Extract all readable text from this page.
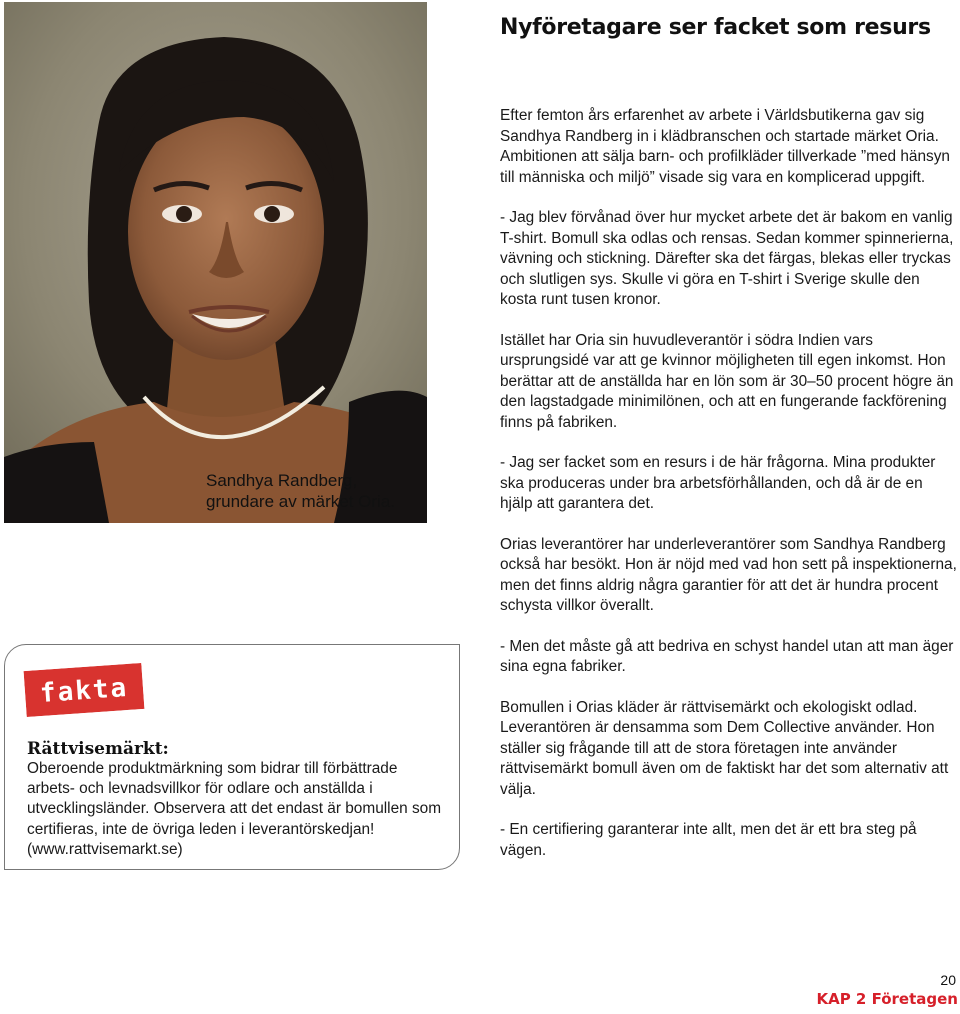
Nyföretagare ser facket som resurs
Sandhya Randberg,
grundare av märket Oria.

Efter femton års erfarenhet av arbete i Världsbutikerna gav sig Sandhya Randberg in i klädbranschen och startade märket Oria. Ambitionen att sälja barn- och profilkläder tillverkade ”med hänsyn till människa och miljö” visade sig vara en komplicerad uppgift.

- Jag blev förvånad över hur mycket arbete det är bakom en vanlig T-shirt. Bomull ska odlas och rensas. Sedan kommer spinnerierna, vävning och stickning. Därefter ska det färgas, blekas eller tryckas och slutligen sys. Skulle vi göra en T-shirt i Sverige skulle den kosta runt tusen kronor.

Istället har Oria sin huvudleverantör i södra Indien vars ursprungsidé var att ge kvinnor möjligheten till egen inkomst. Hon berättar att de anställda har en lön som är 30–50 procent högre än den lagstadgade minimilönen, och att en fungerande fackförening finns på fabriken.

- Jag ser facket som en resurs i de här frågorna. Mina produkter ska produceras under bra arbetsförhållanden, och då är de en hjälp att garantera det.

Orias leverantörer har underleverantörer som Sandhya Randberg också har besökt. Hon är nöjd med vad hon sett på inspektionerna, men det finns aldrig några garantier för att det är hundra procent schysta villkor överallt.

- Men det måste gå att bedriva en schyst handel utan att man äger sina egna fabriker.

Bomullen i Orias kläder är rättvisemärkt och ekologiskt odlad. Leverantören är densamma som Dem Collective använder. Hon ställer sig frågande till att de stora företagen inte använder rättvisemärkt bomull även om de faktiskt har det som alternativ att välja.

- En certifiering garanterar inte allt, men det är ett bra steg på vägen.

fakta
Rättvisemärkt:
Oberoende produktmärkning som bidrar till förbättrade arbets- och levnadsvillkor för odlare och anställda i utvecklingsländer. Observera att det endast är bomullen som certifieras, inte de övriga leden i leverantörskedjan! (www.rattvisemarkt.se)
20
KAP 2 Företagen
